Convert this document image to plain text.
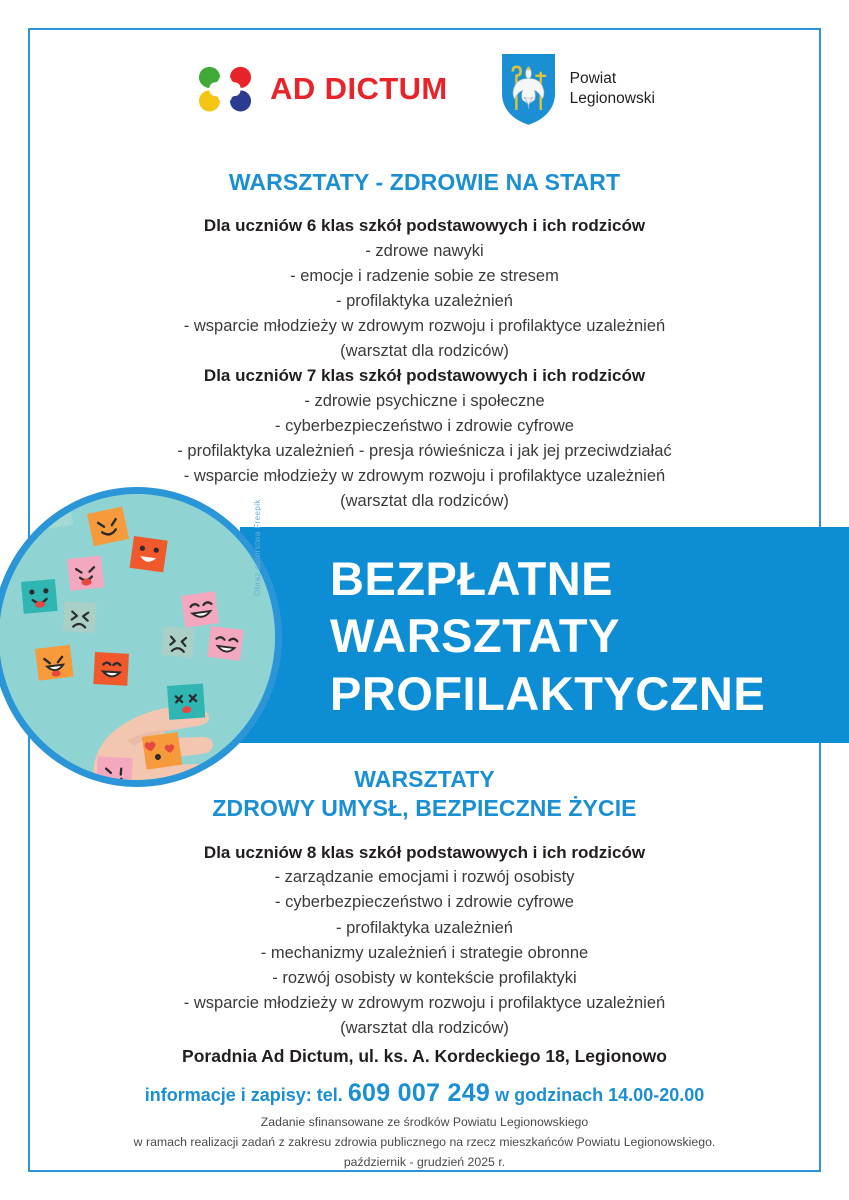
AD DICTUM	Powiat
Legionowski
WARSZTATY - ZDROWIE NA START
Dla uczniów 6 klas szkół podstawowych i ich rodziców
- zdrowe nawyki
- emocje i radzenie sobie ze stresem
- profilaktyka uzależnień
- wsparcie młodzieży w zdrowym rozwoju i profilaktyce uzależnień
(warsztat dla rodziców)
Dla uczniów 7 klas szkół podstawowych i ich rodziców
- zdrowie psychiczne i społeczne
- cyberbezpieczeństwo i zdrowie cyfrowe
- profilaktyka uzależnień - presja rówieśnicza i jak jej przeciwdziałać
- wsparcie młodzieży w zdrowym rozwoju i profilaktyce uzależnień
(warsztat dla rodziców)
BEZPŁATNE
WARSZTATY
PROFILAKTYCZNE
Obraz autorstwa Freepik
WARSZTATY
ZDROWY UMYSŁ, BEZPIECZNE ŻYCIE
Dla uczniów 8 klas szkół podstawowych i ich rodziców
- zarządzanie emocjami i rozwój osobisty
- cyberbezpieczeństwo i zdrowie cyfrowe
- profilaktyka uzależnień
- mechanizmy uzależnień i strategie obronne
- rozwój osobisty w kontekście profilaktyki
- wsparcie młodzieży w zdrowym rozwoju i profilaktyce uzależnień
(warsztat dla rodziców)
Poradnia Ad Dictum, ul. ks. A. Kordeckiego 18, Legionowo
informacje i zapisy: tel. 609 007 249 w godzinach 14.00-20.00
Zadanie sfinansowane ze środków Powiatu Legionowskiego
w ramach realizacji zadań z zakresu zdrowia publicznego na rzecz mieszkańców Powiatu Legionowskiego.
październik - grudzień 2025 r.
